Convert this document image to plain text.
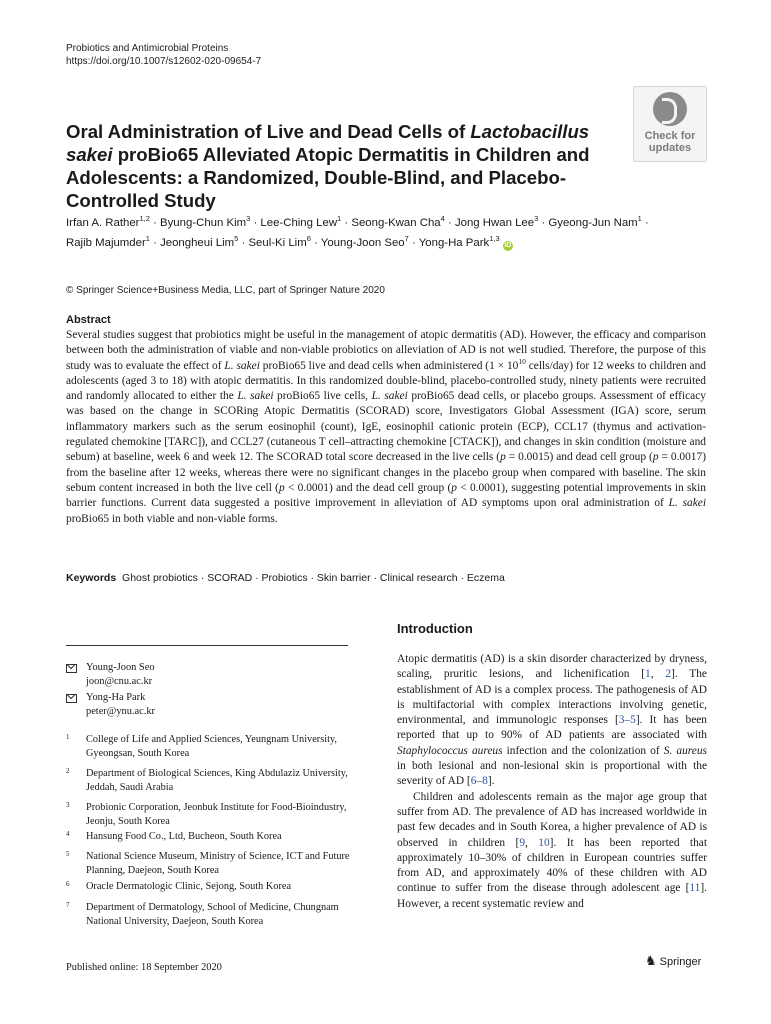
Probiotics and Antimicrobial Proteins
https://doi.org/10.1007/s12602-020-09654-7
Check for
updates
Oral Administration of Live and Dead Cells of Lactobacillus sakei proBio65 Alleviated Atopic Dermatitis in Children and Adolescents: a Randomized, Double-Blind, and Placebo-Controlled Study
Irfan A. Rather$^{1,2}$ · Byung-Chun Kim$^3$ · Lee-Ching Lew$^1$ · Seong-Kwan Cha$^4$ · Jong Hwan Lee$^3$ · Gyeong-Jun Nam$^1$ ·
Rajib Majumder$^1$ · Jeongheui Lim$^5$ · Seul-Ki Lim$^6$ · Young-Joon Seo$^7$ · Yong-Ha Park$^{1,3}$ iD
© Springer Science+Business Media, LLC, part of Springer Nature 2020
Abstract
Several studies suggest that probiotics might be useful in the management of atopic dermatitis (AD). However, the efficacy and comparison between both the administration of viable and non-viable probiotics on alleviation of AD is not well studied. Therefore, the purpose of this study was to evaluate the effect of L. sakei proBio65 live and dead cells when administered ($1 \times 10^{10}$ cells/day) for 12 weeks to children and adolescents (aged 3 to 18) with atopic dermatitis. In this randomized double-blind, placebo-controlled study, ninety patients were recruited and randomly allocated to either the L. sakei proBio65 live cells, L. sakei proBio65 dead cells, or placebo groups. Assessment of efficacy was based on the change in SCORing Atopic Dermatitis (SCORAD) score, Investigators Global Assessment (IGA) score, serum inflammatory markers such as the serum eosinophil (count), IgE, eosinophil cationic protein (ECP), CCL17 (thymus and activation-regulated chemokine [TARC]), and CCL27 (cutaneous T cell–attracting chemokine [CTACK]), and changes in skin condition (moisture and sebum) at baseline, week 6 and week 12. The SCORAD total score decreased in the live cells (p = 0.0015) and dead cell group (p = 0.0017) from the baseline after 12 weeks, whereas there were no significant changes in the placebo group when compared with baseline. The skin sebum content increased in both the live cell (p < 0.0001) and the dead cell group (p < 0.0001), suggesting potential improvements in skin barrier functions. Current data suggested a positive improvement in alleviation of AD symptoms upon oral administration of L. sakei proBio65 in both viable and non-viable forms.
Keywords Ghost probiotics · SCORAD · Probiotics · Skin barrier · Clinical research · Eczema
Young-Joon Seo
joon@cnu.ac.kr
Yong-Ha Park
peter@ynu.ac.kr
1 College of Life and Applied Sciences, Yeungnam University, Gyeongsan, South Korea
2 Department of Biological Sciences, King Abdulaziz University, Jeddah, Saudi Arabia
3 Probionic Corporation, Jeonbuk Institute for Food-Bioindustry, Jeonju, South Korea
4 Hansung Food Co., Ltd, Bucheon, South Korea
5 National Science Museum, Ministry of Science, ICT and Future Planning, Daejeon, South Korea
6 Oracle Dermatologic Clinic, Sejong, South Korea
7 Department of Dermatology, School of Medicine, Chungnam National University, Daejeon, South Korea
Introduction

Atopic dermatitis (AD) is a skin disorder characterized by dryness, scaling, pruritic lesions, and lichenification [1, 2]. The establishment of AD is a complex process. The pathogenesis of AD is multifactorial with complex interactions involving genetic, environmental, and immunologic responses [3–5]. It has been reported that up to 90% of AD patients are associated with Staphylococcus aureus infection and the colonization of S. aureus in both lesional and non-lesional skin is proportional with the severity of AD [6–8].

Children and adolescents remain as the major age group that suffer from AD. The prevalence of AD has increased worldwide in past few decades and in South Korea, a higher prevalence of AD is observed in children [9, 10]. It has been reported that approximately 10–30% of children in European countries suffer from AD, and approximately 40% of these children with AD continue to suffer from the disease through adolescent age [11]. However, a recent systematic review and

Published online: 18 September 2020	♞ Springer
